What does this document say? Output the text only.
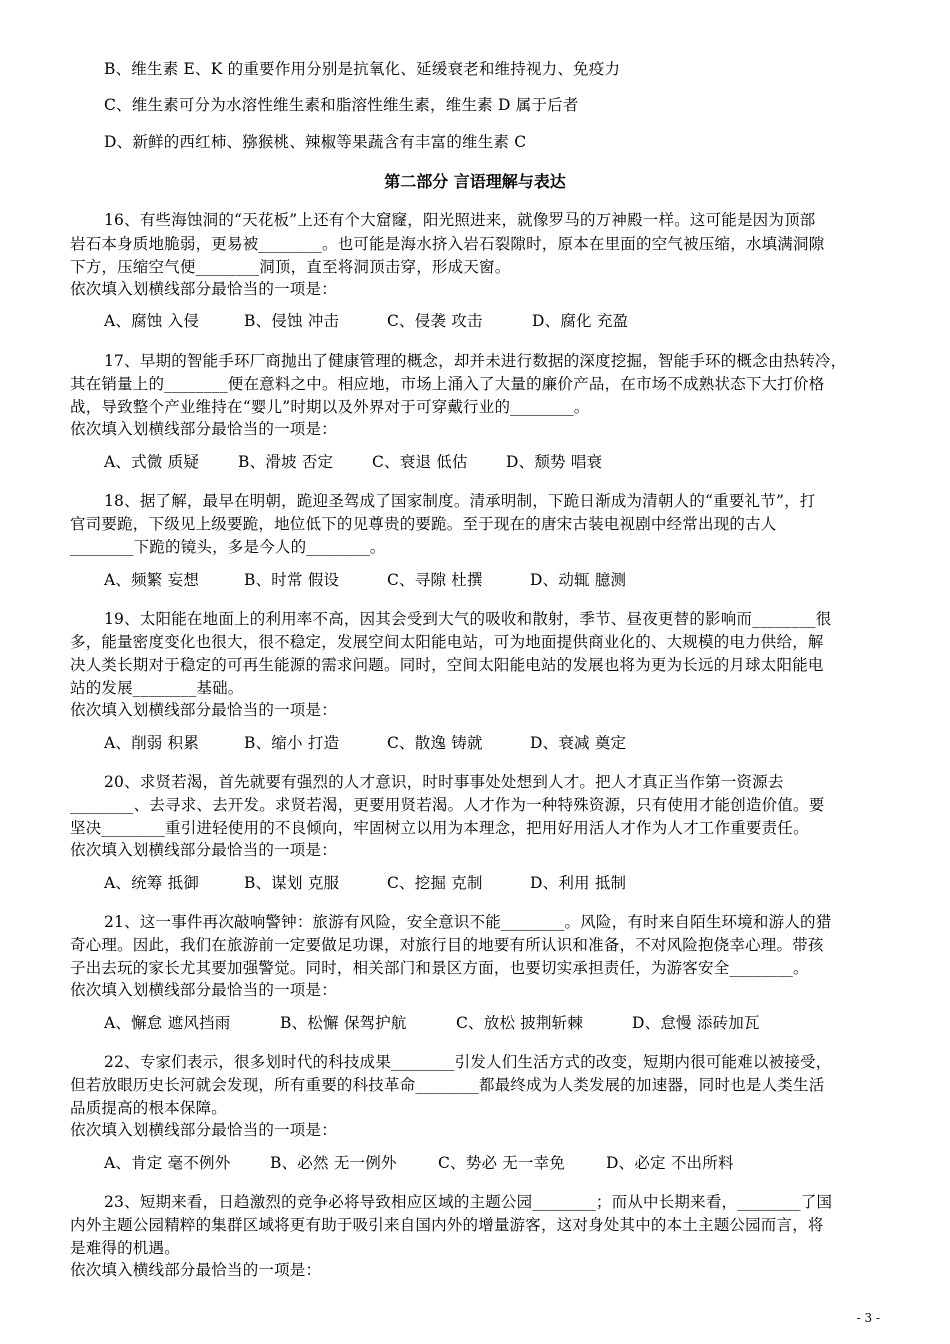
B、维生素 E、K 的重要作用分别是抗氧化、延缓衰老和维持视力、免疫力
C、维生素可分为水溶性维生素和脂溶性维生素，维生素 D 属于后者
D、新鲜的西红柿、猕猴桃、辣椒等果蔬含有丰富的维生素 C
第二部分 言语理解与表达
16、有些海蚀洞的“天花板”上还有个大窟窿，阳光照进来，就像罗马的万神殿一样。这可能是因为顶部
岩石本身质地脆弱，更易被________。也可能是海水挤入岩石裂隙时，原本在里面的空气被压缩，水填满洞隙
下方，压缩空气便________洞顶，直至将洞顶击穿，形成天窗。
依次填入划横线部分最恰当的一项是：
A、腐蚀 入侵	B、侵蚀 冲击	C、侵袭 攻击	D、腐化 充盈
17、早期的智能手环厂商抛出了健康管理的概念，却并未进行数据的深度挖掘，智能手环的概念由热转冷，
其在销量上的________便在意料之中。相应地，市场上涌入了大量的廉价产品，在市场不成熟状态下大打价格
战，导致整个产业维持在“婴儿”时期以及外界对于可穿戴行业的________。
依次填入划横线部分最恰当的一项是：
A、式微 质疑	B、滑坡 否定	C、衰退 低估 D、颓势 唱衰
18、据了解，最早在明朝，跪迎圣驾成了国家制度。清承明制，下跪日渐成为清朝人的“重要礼节”，打
官司要跪，下级见上级要跪，地位低下的见尊贵的要跪。至于现在的唐宋古装电视剧中经常出现的古人
________下跪的镜头，多是今人的________。
A、频繁 妄想	B、时常 假设	C、寻隙 杜撰	D、动辄 臆测
19、太阳能在地面上的利用率不高，因其会受到大气的吸收和散射，季节、昼夜更替的影响而________很
多，能量密度变化也很大，很不稳定，发展空间太阳能电站，可为地面提供商业化的、大规模的电力供给，解
决人类长期对于稳定的可再生能源的需求问题。同时，空间太阳能电站的发展也将为更为长远的月球太阳能电
站的发展________基础。
依次填入划横线部分最恰当的一项是：
A、削弱 积累	B、缩小 打造	C、散逸 铸就	D、衰减 奠定
20、求贤若渴，首先就要有强烈的人才意识，时时事事处处想到人才。把人才真正当作第一资源去
________、去寻求、去开发。求贤若渴，更要用贤若渴。人才作为一种特殊资源，只有使用才能创造价值。要
坚决________重引进轻使用的不良倾向，牢固树立以用为本理念，把用好用活人才作为人才工作重要责任。
依次填入划横线部分最恰当的一项是：
A、统筹 抵御	B、谋划 克服	C、挖掘 克制	D、利用 抵制
21、这一事件再次敲响警钟：旅游有风险，安全意识不能________。风险，有时来自陌生环境和游人的猎
奇心理。因此，我们在旅游前一定要做足功课，对旅行目的地要有所认识和准备，不对风险抱侥幸心理。带孩
子出去玩的家长尤其要加强警觉。同时，相关部门和景区方面，也要切实承担责任，为游客安全________。
依次填入划横线部分最恰当的一项是：
A、懈怠 遮风挡雨	B、松懈 保驾护航	C、放松 披荆斩棘	D、怠慢 添砖加瓦
22、专家们表示，很多划时代的科技成果________引发人们生活方式的改变，短期内很可能难以被接受，
但若放眼历史长河就会发现，所有重要的科技革命________都最终成为人类发展的加速器，同时也是人类生活
品质提高的根本保障。
依次填入划横线部分最恰当的一项是：
A、肯定 毫不例外	B、必然 无一例外	C、势必 无一幸免	D、必定 不出所料
23、短期来看，日趋激烈的竞争必将导致相应区域的主题公园________；而从中长期来看，________了国
内外主题公园精粹的集群区域将更有助于吸引来自国内外的增量游客，这对身处其中的本土主题公园而言，将
是难得的机遇。
依次填入横线部分最恰当的一项是：
- 3 -
